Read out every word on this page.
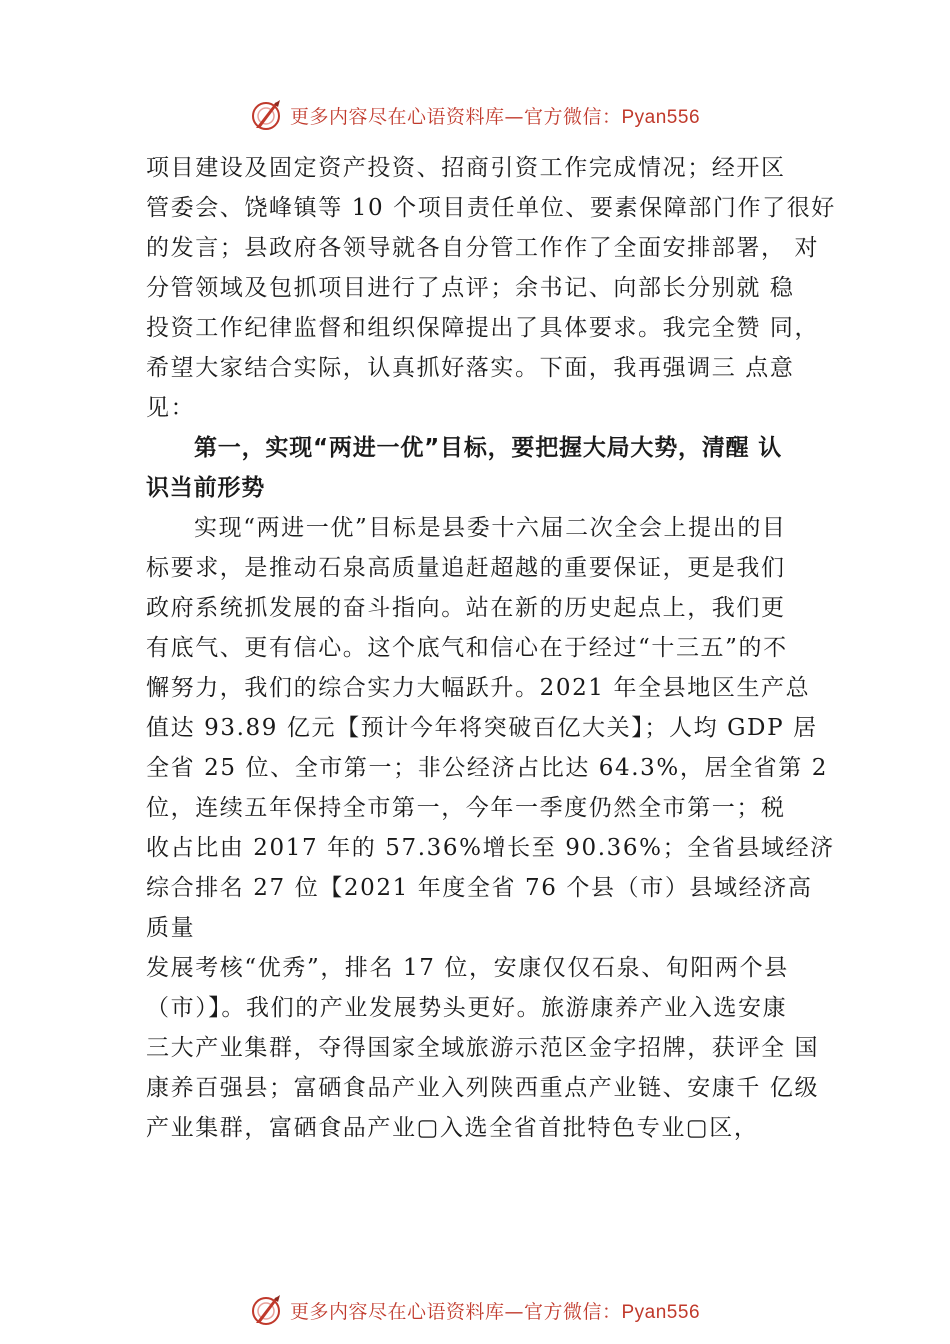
更多内容尽在心语资料库—官方微信：Pyan556
项目建设及固定资产投资、招商引资工作完成情况；经开区
管委会、饶峰镇等 10 个项目责任单位、要素保障部门作了很好
的发言；县政府各领导就各自分管工作作了全面安排部署， 对
分管领域及包抓项目进行了点评；余书记、向部长分别就 稳
投资工作纪律监督和组织保障提出了具体要求。我完全赞 同，
希望大家结合实际，认真抓好落实。下面，我再强调三 点意
见：
第一，实现“两进一优”目标，要把握大局大势，清醒 认
识当前形势
实现“两进一优”目标是县委十六届二次全会上提出的目
标要求，是推动石泉高质量追赶超越的重要保证，更是我们
政府系统抓发展的奋斗指向。站在新的历史起点上，我们更
有底气、更有信心。这个底气和信心在于经过“十三五”的不
懈努力，我们的综合实力大幅跃升。2021 年全县地区生产总
值达 93.89 亿元【预计今年将突破百亿大关】；人均 GDP 居
全省 25 位、全市第一；非公经济占比达 64.3%，居全省第 2
位，连续五年保持全市第一，今年一季度仍然全市第一；税
收占比由 2017 年的 57.36%增长至 90.36%；全省县域经济
综合排名 27 位【2021 年度全省 76 个县（市）县域经济高
质量
发展考核“优秀”，排名 17 位，安康仅仅石泉、旬阳两个县
（市）】。我们的产业发展势头更好。旅游康养产业入选安康
三大产业集群，夺得国家全域旅游示范区金字招牌，获评全 国
康养百强县；富硒食品产业入列陕西重点产业链、安康千 亿级
产业集群，富硒食品产业▢入选全省首批特色专业▢区，
更多内容尽在心语资料库—官方微信：Pyan556
